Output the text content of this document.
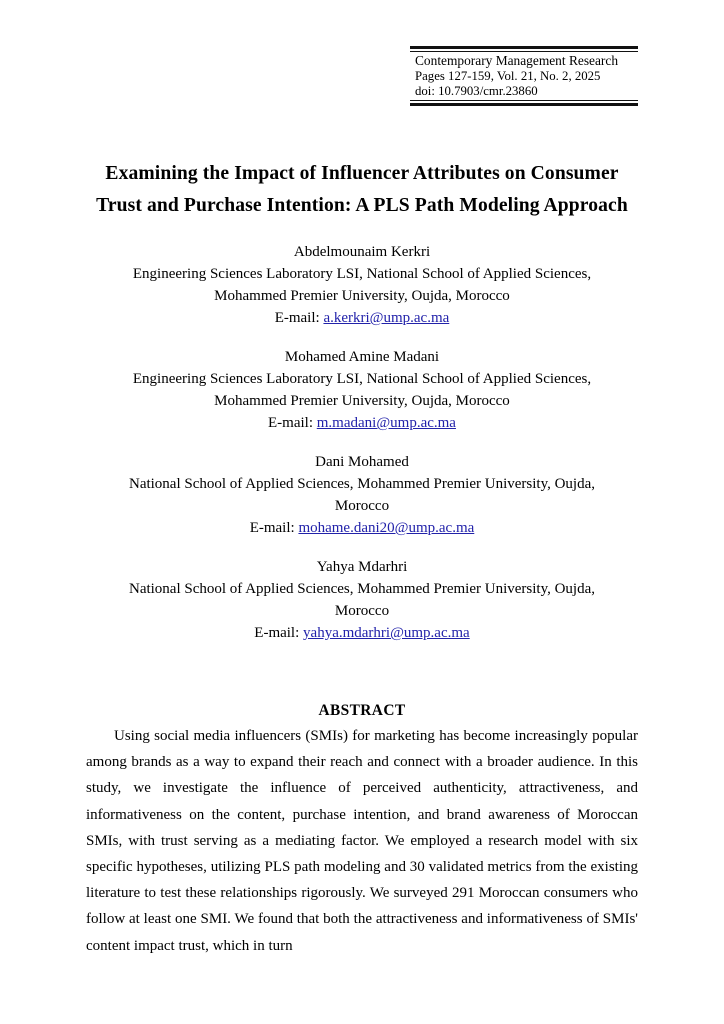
Contemporary Management Research
Pages 127-159, Vol. 21, No. 2, 2025
doi: 10.7903/cmr.23860
Examining the Impact of Influencer Attributes on Consumer
Trust and Purchase Intention: A PLS Path Modeling Approach
Abdelmounaim Kerkri
Engineering Sciences Laboratory LSI, National School of Applied Sciences,
Mohammed Premier University, Oujda, Morocco
E-mail: a.kerkri@ump.ac.ma
Mohamed Amine Madani
Engineering Sciences Laboratory LSI, National School of Applied Sciences,
Mohammed Premier University, Oujda, Morocco
E-mail: m.madani@ump.ac.ma
Dani Mohamed
National School of Applied Sciences, Mohammed Premier University, Oujda,
Morocco
E-mail: mohame.dani20@ump.ac.ma
Yahya Mdarhri
National School of Applied Sciences, Mohammed Premier University, Oujda,
Morocco
E-mail: yahya.mdarhri@ump.ac.ma
ABSTRACT
Using social media influencers (SMIs) for marketing has become increasingly popular among brands as a way to expand their reach and connect with a broader audience. In this study, we investigate the influence of perceived authenticity, attractiveness, and informativeness on the content, purchase intention, and brand awareness of Moroccan SMIs, with trust serving as a mediating factor. We employed a research model with six specific hypotheses, utilizing PLS path modeling and 30 validated metrics from the existing literature to test these relationships rigorously. We surveyed 291 Moroccan consumers who follow at least one SMI. We found that both the attractiveness and informativeness of SMIs' content impact trust, which in turn
